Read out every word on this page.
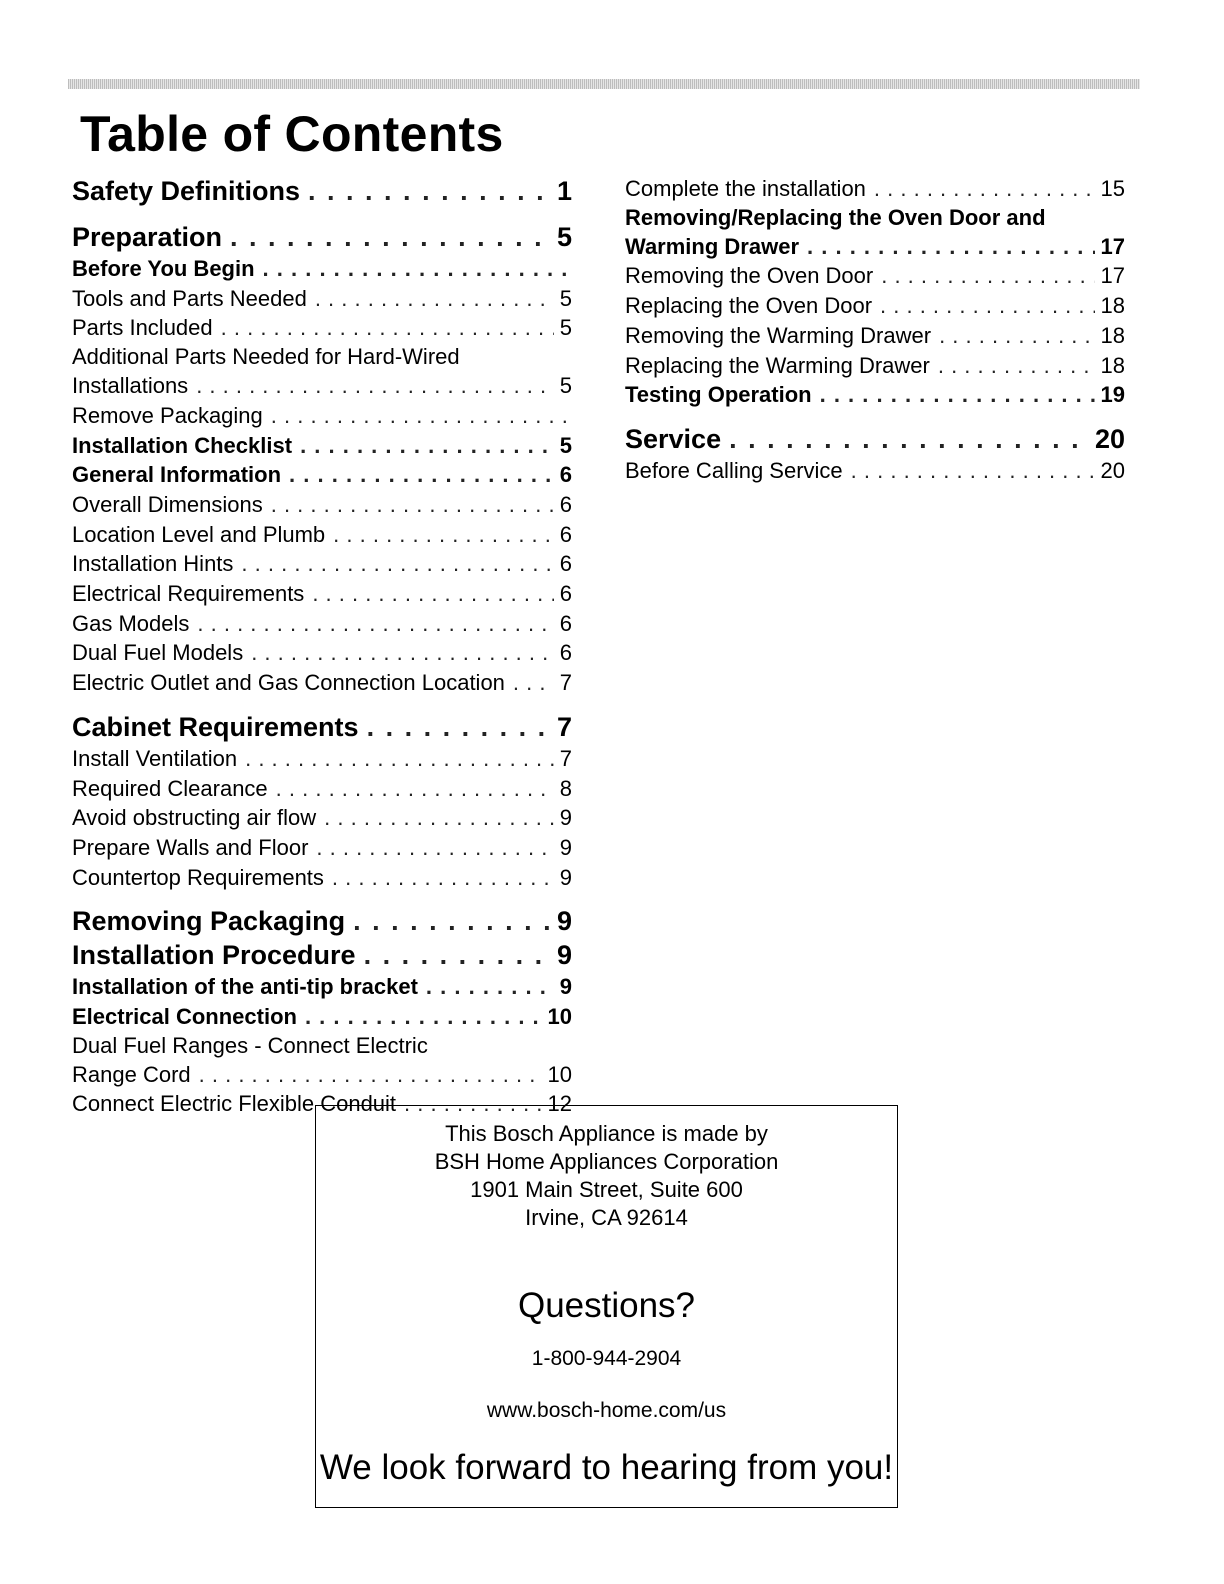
Table of Contents
Safety Definitions . . .	1
Preparation . . .	5
Before You Begin
. . .
Tools and Parts Needed . . .	5
Parts Included . . .	5
Additional Parts Needed for Hard-Wired
Installations . . .	5
Remove Packaging
. . .
Installation Checklist . . .	5
General Information . . .	6
Overall Dimensions . . .	6
Location Level and Plumb . . .	6
Installation Hints . . .	6
Electrical Requirements . . .	6
Gas Models . . .	6
Dual Fuel Models . . .	6
Electric Outlet and Gas Connection Location . . . 7
Cabinet Requirements . . .	7
Install Ventilation . . .	7
Required Clearance . . .	8
Avoid obstructing air flow . . .	9
Prepare Walls and Floor . . .	9
Countertop Requirements . . .	9
Removing Packaging . . .	9
Installation Procedure . . .	9
Installation of the anti-tip bracket . . .	9
Electrical Connection . . .	10
Dual Fuel Ranges - Connect Electric
Range Cord . . .	10
Connect Electric Flexible Conduit . . .	12
Complete the installation . . .	15
Removing/Replacing the Oven Door and
Warming Drawer . . .	17
Removing the Oven Door . . .	17
Replacing the Oven Door . . .	18
Removing the Warming Drawer . . .	18
Replacing the Warming Drawer . . .	18
Testing Operation . . .	19
Service . . .	20
Before Calling Service . . .	20
This Bosch Appliance is made by
BSH Home Appliances Corporation
1901 Main Street, Suite 600
Irvine, CA 92614
Questions?
1-800-944-2904
www.bosch-home.com/us
We look forward to hearing from you!
